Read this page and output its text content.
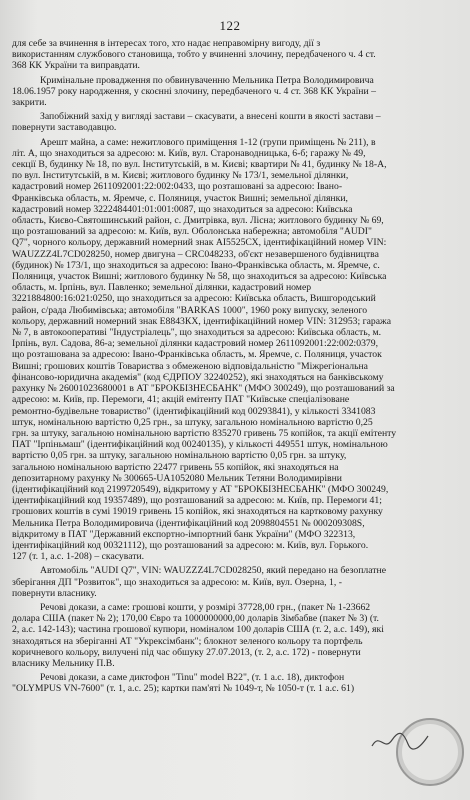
122

для себе за вчинення в інтересах того, хто надає неправомірну вигоду, дії з
використанням службового становища, тобто у вчиненні злочину, передбаченого ч. 4 ст.
368 КК України та виправдати.

Кримінальне провадження по обвинуваченню Мельника Петра Володимировича
18.06.1957 року народження, у скоєнні злочину, передбаченого ч. 4 ст. 368 КК України –
закрити.

Запобіжний захід у вигляді застави – скасувати, а внесені кошти в якості застави –
повернути заставодавцю.

Арешт майна, а саме: нежитлового приміщення 1-12 (групи приміщень № 211), в
літ. А, що знаходиться за адресою: м. Київ, вул. Старонаводницька, 6-б; гаражу № 49,
секції В, будинку № 18, по вул. Інститутській, в м. Києві; квартири № 41, будинку № 18-А,
по вул. Інститутській, в м. Києві; житлового будинку № 173/1, земельної ділянки,
кадастровий номер 2611092001:22:002:0433, що розташовані за адресою: Івано-
Франківська область, м. Яремче, с. Поляниця, участок Вишні; земельної ділянки,
кадастровий номер 3222484401:01:001:0087, що знаходиться за адресою: Київська
область, Києво-Святошинський район, с. Дмитрівка, вул. Лісна; житлового будинку № 69,
що розташований за адресою: м. Київ, вул. Оболонська набережна; автомобіля "AUDI"
Q7", чорного кольору, державний номерний знак АІ5525СХ, ідентифікаційний номер VIN:
WAUZZZ4L7CD028250, номер двигуна – CRC048233, об'єкт незавершеного будівництва
(будинок) № 173/1, що знаходиться за адресою: Івано-Франківська область, м. Яремче, с.
Поляниця, участок Вишні; житлового будинку № 58, що знаходиться за адресою: Київська
область, м. Ірпінь, вул. Павленко; земельної ділянки, кадастровий номер
3221884800:16:021:0250, що знаходиться за адресою: Київська область, Вишгородський
район, с/рада Любимівська; автомобіля "BARKAS 1000", 1960 року випуску, зеленого
кольору, державний номерний знак Е8843КХ, ідентифікаційний номер VIN: 312953; гаража
№ 7, в автокооперативі "Індустріалець", що знаходиться за адресою: Київська область, м.
Ірпінь, вул. Садова, 86-а; земельної ділянки кадастровий номер 2611092001:22:002:0379,
що розташована за адресою: Івано-Франківська область, м. Яремче, с. Поляниця, участок
Вишні; грошових коштів Товариства з обмеженою відповідальністю "Міжрегіональна
фінансово-юридична академія" (код ЄДРПОУ 32240252), які знаходяться на банківському
рахунку № 26001023680001 в АТ "БРОКБІЗНЕСБАНК" (МФО 300249), що розташований за
адресою: м. Київ, пр. Перемоги, 41; акцій емітенту ПАТ "Київське спеціалізоване
ремонтно-будівельне товариство" (ідентифікаційний код 00293841), у кількості 3341083
штук, номінальною вартістю 0,25 грн., за штуку, загальною номінальною вартістю 0,25
грн. за штуку, загальною номінальною вартістю 835270 гривень 75 копійок, та акції емітенту
ПАТ "Ірпіньмаш" (ідентифікаційний код 00240135), у кількості 449551 штук, номінальною
вартістю 0,05 грн. за штуку, загальною номінальною вартістю 0,05 грн. за штуку,
загальною номінальною вартістю 22477 гривень 55 копійок, які знаходяться на
депозитарному рахунку № 300665-UA1052080 Мельник Тетяни Володимирівни
(ідентифікаційний код 2199720549), відкритому у АТ "БРОКБІЗНЕСБАНК" (МФО 300249,
ідентифікаційний код 19357489), що розташований за адресою: м. Київ, пр. Перемоги 41;
грошових коштів в сумі 19019 гривень 15 копійок, які знаходяться на картковому рахунку
Мельника Петра Володимировича (ідентифікаційний код 2098804551 № 000209308S,
відкритому в ПАТ "Державний експортно-імпортний банк України" (МФО 322313,
ідентифікаційний код 00321112), що розташований за адресою: м. Київ, вул. Горького.
127 (т. 1, а.с. 1-208) – скасувати.

Автомобіль "AUDI Q7", VIN: WAUZZZ4L7CD028250, який передано на безоплатне
зберігання ДП "Розвиток", що знаходиться за адресою: м. Київ, вул. Озерна, 1, -
повернути власнику.

Речові докази, а саме: грошові кошти, у розмірі 37728,00 грн., (пакет № 1-23662
долара США (пакет № 2); 170,00 Євро та 1000000000,00 доларів Зімбабве (пакет № 3) (т.
2, а.с. 142-143); частина грошової купюри, номіналом 100 доларів США (т. 2, а.с. 149), які
знаходяться на зберіганні АТ "Укрексімбанк"; блокнот зеленого кольору та портфель
коричневого кольору, вилучені під час обшуку 27.07.2013, (т. 2, а.с. 172) - повернути
власнику Мельнику П.В.

Речові докази, а саме диктофон "Tinu" model B22", (т. 1 а.с. 18), диктофон
"OLYMPUS VN-7600" (т. 1, а.с. 25); картки пам'яті № 1049-т, № 1050-т (т. 1 а.с. 61)
